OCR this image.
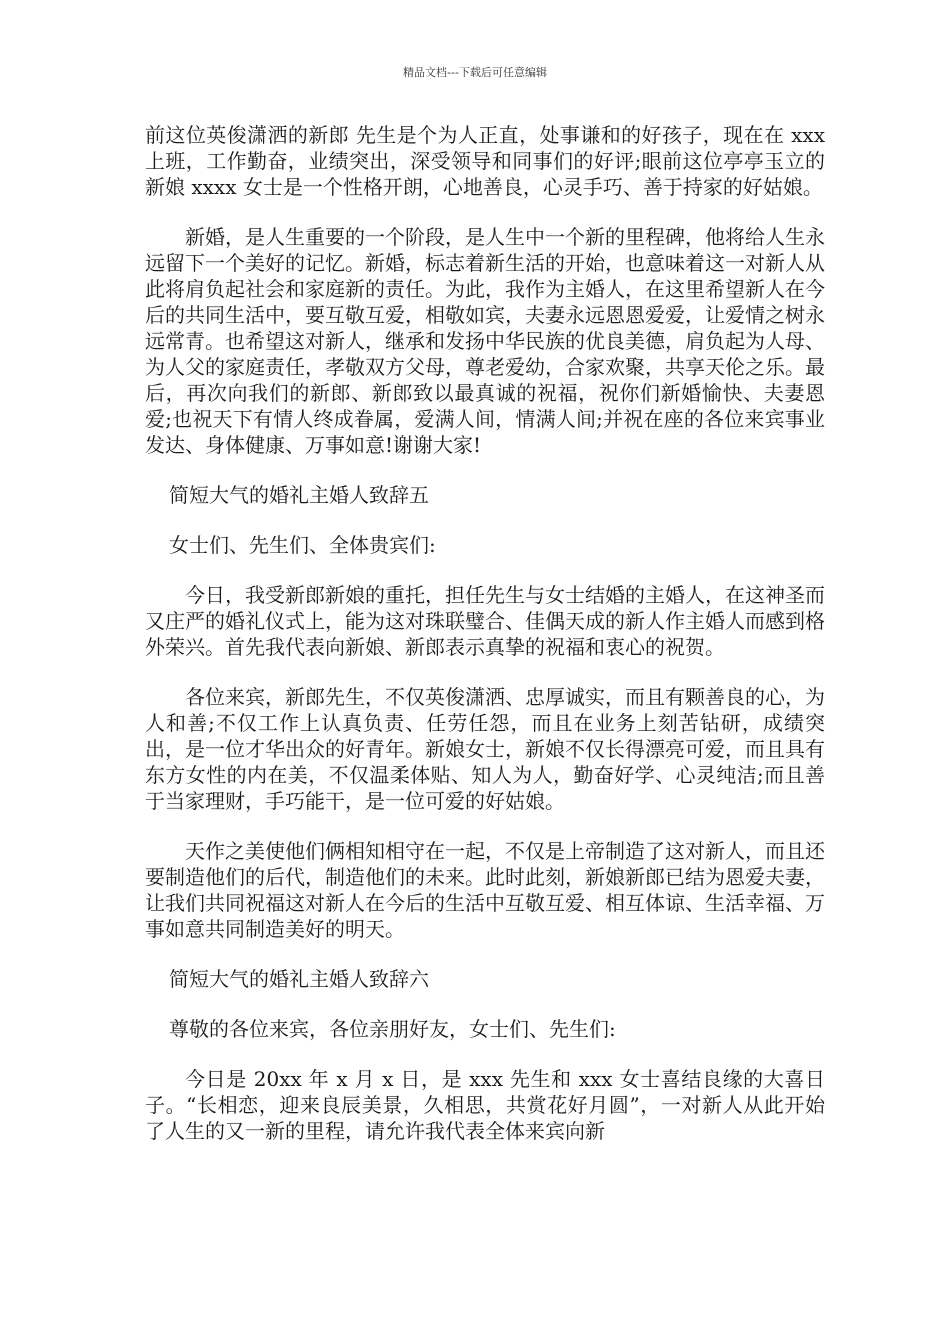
精品文档---下载后可任意编辑

前这位英俊潇洒的新郎 先生是个为人正直，处事谦和的好孩子，现在在 xxx 上班，工作勤奋，业绩突出，深受领导和同事们的好评;眼前这位亭亭玉立的新娘 xxxx 女士是一个性格开朗，心地善良，心灵手巧、善于持家的好姑娘。

新婚，是人生重要的一个阶段，是人生中一个新的里程碑，他将给人生永远留下一个美好的记忆。新婚，标志着新生活的开始，也意味着这一对新人从此将肩负起社会和家庭新的责任。为此，我作为主婚人，在这里希望新人在今后的共同生活中，要互敬互爱，相敬如宾，夫妻永远恩恩爱爱，让爱情之树永远常青。也希望这对新人，继承和发扬中华民族的优良美德，肩负起为人母、为人父的家庭责任，孝敬双方父母，尊老爱幼，合家欢聚，共享天伦之乐。最后，再次向我们的新郎、新郎致以最真诚的祝福，祝你们新婚愉快、夫妻恩爱;也祝天下有情人终成眷属，爱满人间，情满人间;并祝在座的各位来宾事业发达、身体健康、万事如意!谢谢大家!

简短大气的婚礼主婚人致辞五

女士们、先生们、全体贵宾们:

今日，我受新郎新娘的重托，担任先生与女士结婚的主婚人，在这神圣而又庄严的婚礼仪式上，能为这对珠联璧合、佳偶天成的新人作主婚人而感到格外荣兴。首先我代表向新娘、新郎表示真挚的祝福和衷心的祝贺。

各位来宾，新郎先生，不仅英俊潇洒、忠厚诚实，而且有颗善良的心，为人和善;不仅工作上认真负责、任劳任怨，而且在业务上刻苦钻研，成绩突出，是一位才华出众的好青年。新娘女士，新娘不仅长得漂亮可爱，而且具有东方女性的内在美，不仅温柔体贴、知人为人，勤奋好学、心灵纯洁;而且善于当家理财，手巧能干，是一位可爱的好姑娘。

天作之美使他们俩相知相守在一起，不仅是上帝制造了这对新人，而且还要制造他们的后代，制造他们的未来。此时此刻，新娘新郎已结为恩爱夫妻，让我们共同祝福这对新人在今后的生活中互敬互爱、相互体谅、生活幸福、万事如意共同制造美好的明天。

简短大气的婚礼主婚人致辞六

尊敬的各位来宾，各位亲朋好友，女士们、先生们:

今日是 20xx 年 x 月 x 日，是 xxx 先生和 xxx 女士喜结良缘的大喜日子。“长相恋，迎来良辰美景，久相思，共赏花好月圆”，一对新人从此开始了人生的又一新的里程，请允许我代表全体来宾向新
